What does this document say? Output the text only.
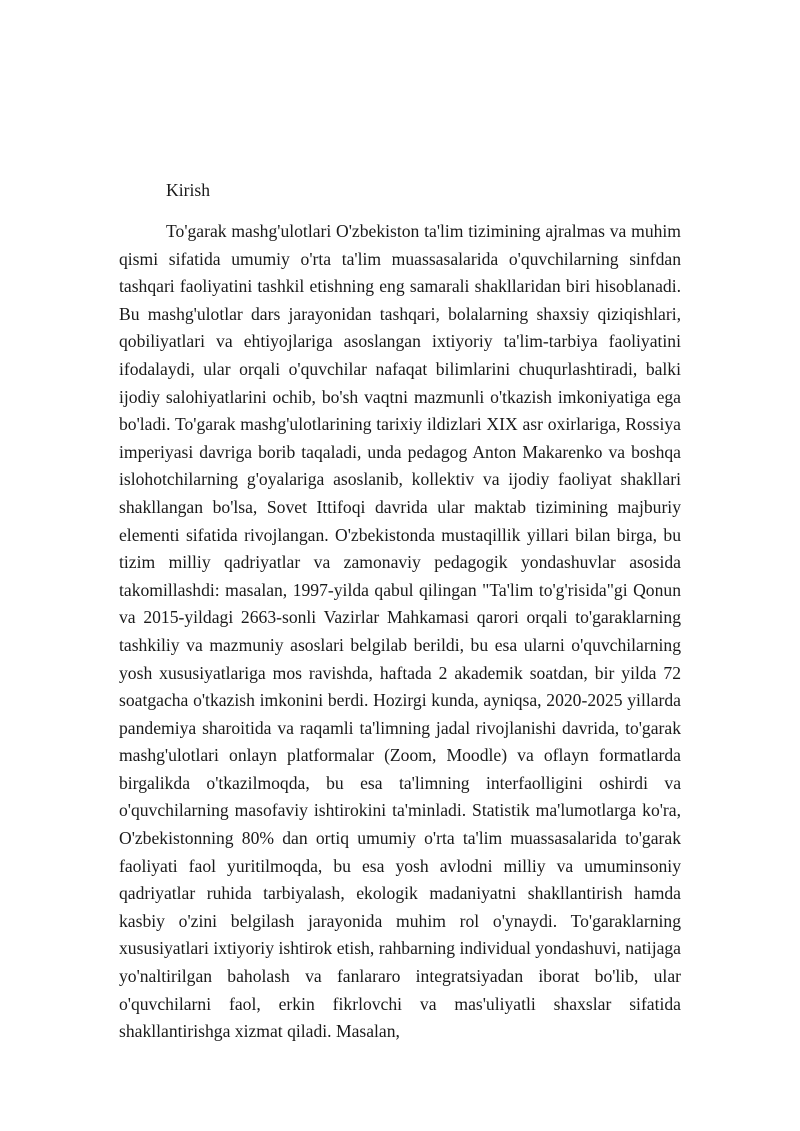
Kirish

To'garak mashg'ulotlari O'zbekiston ta'lim tizimining ajralmas va muhim qismi sifatida umumiy o'rta ta'lim muassasalarida o'quvchilarning sinfdan tashqari faoliyatini tashkil etishning eng samarali shakllaridan biri hisoblanadi. Bu mashg'ulotlar dars jarayonidan tashqari, bolalarning shaxsiy qiziqishlari, qobiliyatlari va ehtiyojlariga asoslangan ixtiyoriy ta'lim-tarbiya faoliyatini ifodalaydi, ular orqali o'quvchilar nafaqat bilimlarini chuqurlashtiradi, balki ijodiy salohiyatlarini ochib, bo'sh vaqtni mazmunli o'tkazish imkoniyatiga ega bo'ladi. To'garak mashg'ulotlarining tarixiy ildizlari XIX asr oxirlariga, Rossiya imperiyasi davriga borib taqaladi, unda pedagog Anton Makarenko va boshqa islohotchilarning g'oyalariga asoslanib, kollektiv va ijodiy faoliyat shakllari shakllangan bo'lsa, Sovet Ittifoqi davrida ular maktab tizimining majburiy elementi sifatida rivojlangan. O'zbekistonda mustaqillik yillari bilan birga, bu tizim milliy qadriyatlar va zamonaviy pedagogik yondashuvlar asosida takomillashdi: masalan, 1997-yilda qabul qilingan "Ta'lim to'g'risida"gi Qonun va 2015-yildagi 2663-sonli Vazirlar Mahkamasi qarori orqali to'garaklarning tashkiliy va mazmuniy asoslari belgilab berildi, bu esa ularni o'quvchilarning yosh xususiyatlariga mos ravishda, haftada 2 akademik soatdan, bir yilda 72 soatgacha o'tkazish imkonini berdi. Hozirgi kunda, ayniqsa, 2020-2025 yillarda pandemiya sharoitida va raqamli ta'limning jadal rivojlanishi davrida, to'garak mashg'ulotlari onlayn platformalar (Zoom, Moodle) va oflayn formatlarda birgalikda o'tkazilmoqda, bu esa ta'limning interfaolligini oshirdi va o'quvchilarning masofaviy ishtirokini ta'minladi. Statistik ma'lumotlarga ko'ra, O'zbekistonning 80% dan ortiq umumiy o'rta ta'lim muassasalarida to'garak faoliyati faol yuritilmoqda, bu esa yosh avlodni milliy va umuminsoniy qadriyatlar ruhida tarbiyalash, ekologik madaniyatni shakllantirish hamda kasbiy o'zini belgilash jarayonida muhim rol o'ynaydi. To'garaklarning xususiyatlari ixtiyoriy ishtirok etish, rahbarning individual yondashuvi, natijaga yo'naltirilgan baholash va fanlararo integratsiyadan iborat bo'lib, ular o'quvchilarni faol, erkin fikrlovchi va mas'uliyatli shaxslar sifatida shakllantirishga xizmat qiladi. Masalan,
